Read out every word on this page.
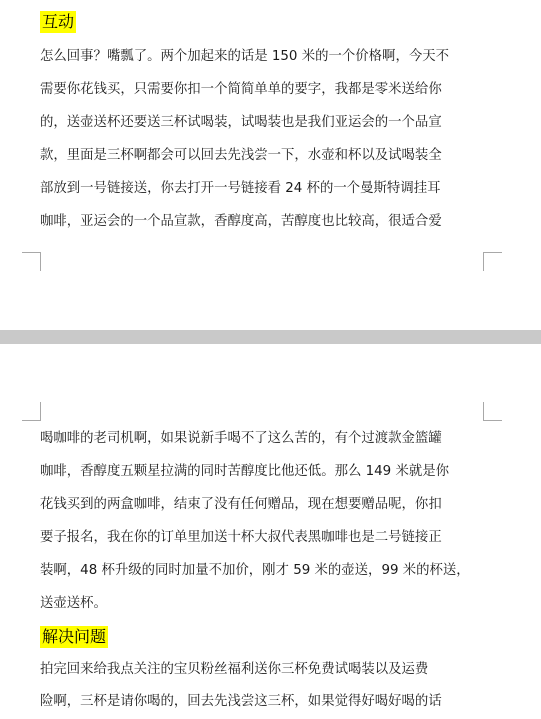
互动
怎么回事？嘴瓢了。两个加起来的话是 150 米的一个价格啊，今天不
需要你花钱买，只需要你扣一个简简单单的要字，我都是零米送给你
的，送壶送杯还要送三杯试喝装，试喝装也是我们亚运会的一个品宣
款，里面是三杯啊都会可以回去先浅尝一下，水壶和杯以及试喝装全
部放到一号链接送，你去打开一号链接看 24 杯的一个曼斯特调挂耳
咖啡，亚运会的一个品宣款，香醇度高，苦醇度也比较高，很适合爱
喝咖啡的老司机啊，如果说新手喝不了这么苦的，有个过渡款金篮罐
咖啡，香醇度五颗星拉满的同时苦醇度比他还低。那么 149 米就是你
花钱买到的两盒咖啡，结束了没有任何赠品，现在想要赠品呢，你扣
要子报名，我在你的订单里加送十杯大叔代表黑咖啡也是二号链接正
装啊，48 杯升级的同时加量不加价，刚才 59 米的壶送，99 米的杯送，
送壶送杯。
解决问题
拍完回来给我点关注的宝贝粉丝福利送你三杯免费试喝装以及运费
险啊，三杯是请你喝的，回去先浅尝这三杯，如果觉得好喝好喝的话
